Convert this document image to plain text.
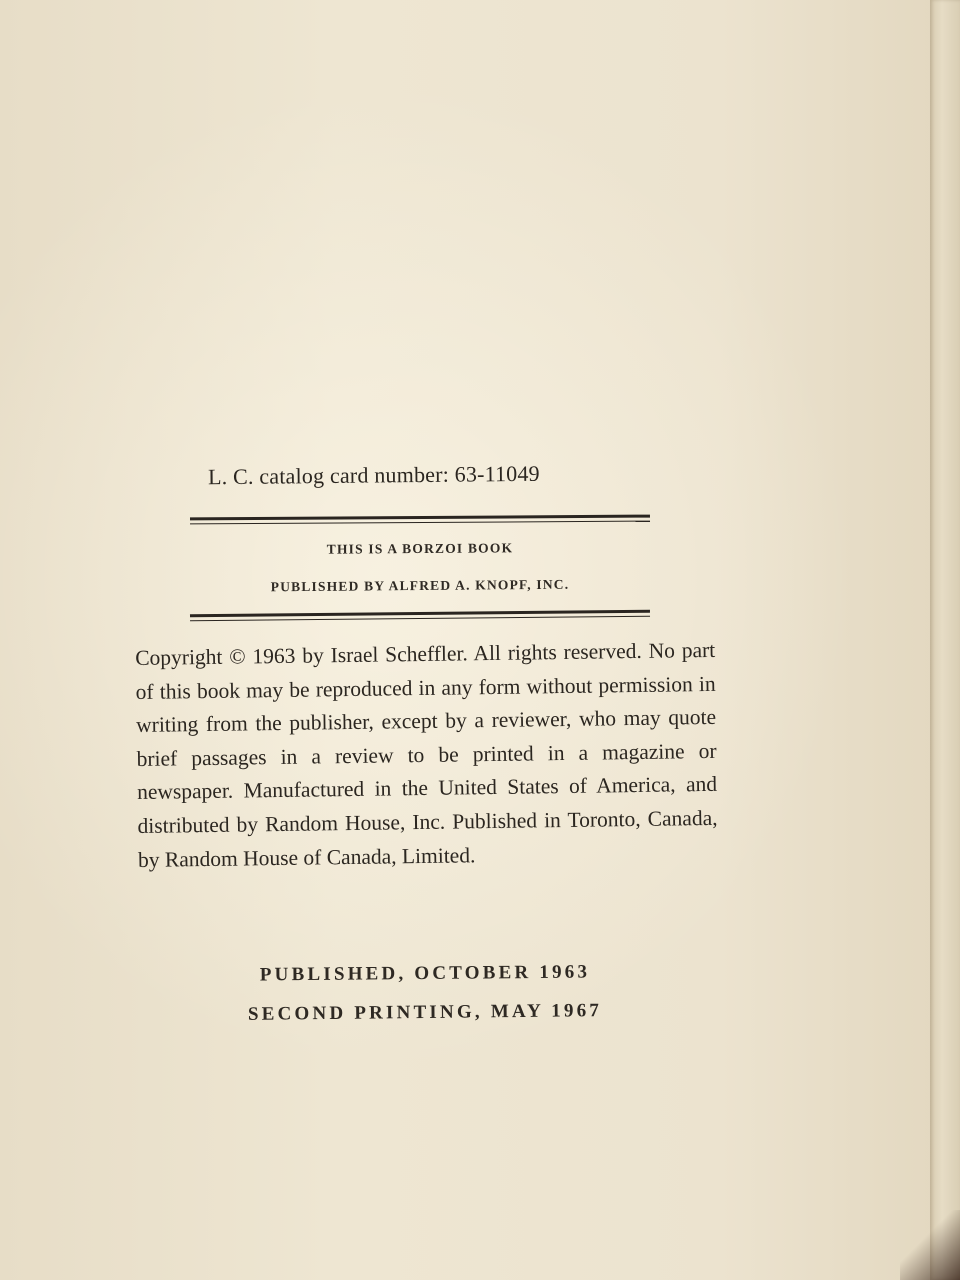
L. C. catalog card number: 63-11049
THIS IS A BORZOI BOOK
PUBLISHED BY ALFRED A. KNOPF, INC.

Copyright © 1963 by Israel Scheffler. All rights reserved. No part of this book may be reproduced in any form without permission in writing from the publisher, except by a reviewer, who may quote brief passages in a review to be printed in a magazine or newspaper. Manufactured in the United States of America, and distributed by Random House, Inc. Published in Toronto, Canada, by Random House of Canada, Limited.

PUBLISHED, OCTOBER 1963
SECOND PRINTING, MAY 1967
